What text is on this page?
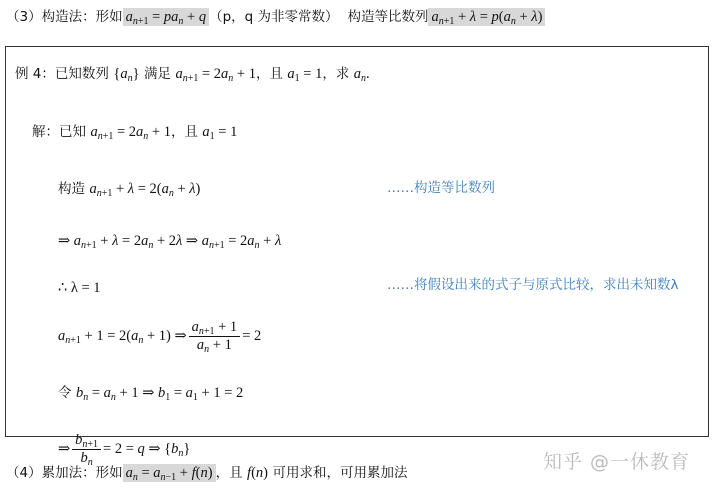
（3）构造法：形如 $a_{n+1} = pa_n + q$ （p，q 为非零常数） 构造等比数列 $a_{n+1} + \lambda = p(a_n + \lambda)$
例 4：已知数列 $\{a_n\}$ 满足 $a_{n+1} = 2a_n + 1$，且 $a_1 = 1$，求 $a_n$.
解：已知 $a_{n+1} = 2a_n + 1$，且 $a_1 = 1$
构造 $a_{n+1} + \lambda = 2(a_n + \lambda)$	……构造等比数列
⇒ $a_{n+1} + \lambda = 2a_n + 2\lambda$ ⇒ $a_{n+1} = 2a_n + \lambda$
∴ λ = 1	……将假设出来的式子与原式比较，求出未知数λ
$a_{n+1} + 1 = 2(a_n + 1)$ ⇒ $\frac{a_{n+1} + 1}{a_n + 1} = 2$
令 $b_n = a_n + 1$ ⇒ $b_1 = a_1 + 1 = 2$
⇒ $\frac{b_{n+1}}{b_n} = 2 = q$ ⇒ $\{b_n\}$
（4）累加法：形如 $a_n = a_{n-1} + f(n)$ ，且 f(n) 可用求和，可用累加法	知乎 @一休教育
